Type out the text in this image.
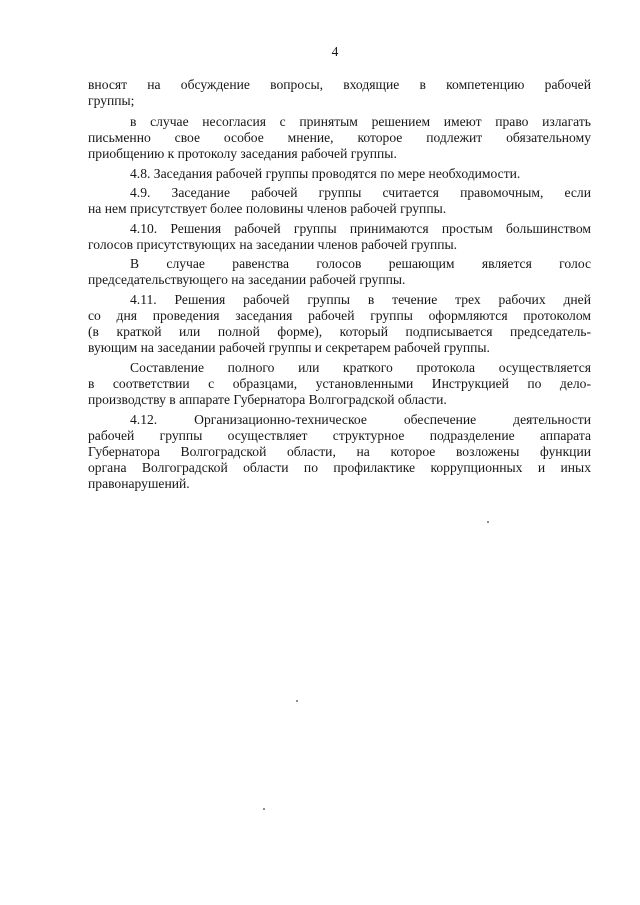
4
вносят на обсуждение вопросы, входящие в компетенцию рабочей
группы;
в случае несогласия с принятым решением имеют право излагать
письменно свое особое мнение, которое подлежит обязательному
приобщению к протоколу заседания рабочей группы.
4.8. Заседания рабочей группы проводятся по мере необходимости.
4.9. Заседание рабочей группы считается правомочным, если
на нем присутствует более половины членов рабочей группы.
4.10. Решения рабочей группы принимаются простым большинством
голосов присутствующих на заседании членов рабочей группы.
В случае равенства голосов решающим является голос
председательствующего на заседании рабочей группы.
4.11. Решения рабочей группы в течение трех рабочих дней
со дня проведения заседания рабочей группы оформляются протоколом
(в краткой или полной форме), который подписывается председатель-
вующим на заседании рабочей группы и секретарем рабочей группы.
Составление полного или краткого протокола осуществляется
в соответствии с образцами, установленными Инструкцией по дело-
производству в аппарате Губернатора Волгоградской области.
4.12. Организационно-техническое обеспечение деятельности
рабочей группы осуществляет структурное подразделение аппарата
Губернатора Волгоградской области, на которое возложены функции
органа Волгоградской области по профилактике коррупционных и иных
правонарушений.
